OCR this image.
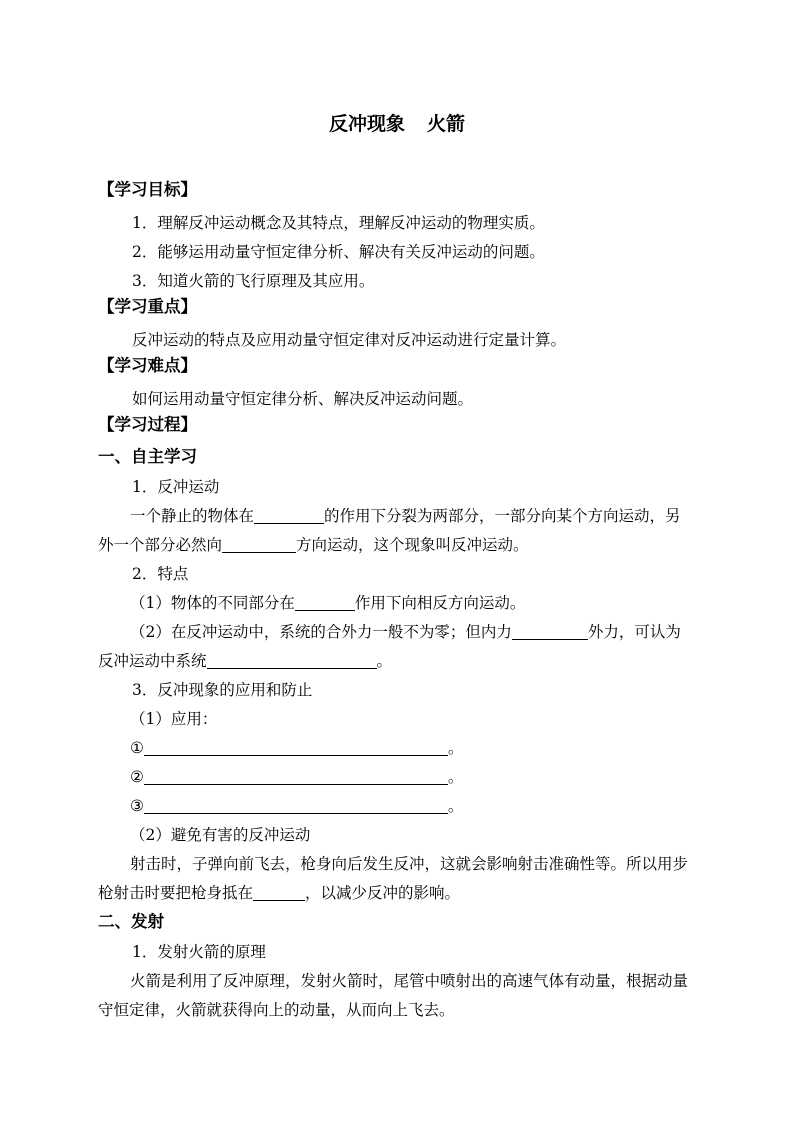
反冲现象 火箭
【学习目标】
1．理解反冲运动概念及其特点，理解反冲运动的物理实质。
2．能够运用动量守恒定律分析、解决有关反冲运动的问题。
3．知道火箭的飞行原理及其应用。
【学习重点】
反冲运动的特点及应用动量守恒定律对反冲运动进行定量计算。
【学习难点】
如何运用动量守恒定律分析、解决反冲运动问题。
【学习过程】
一、自主学习
1．反冲运动
一个静止的物体在	的作用下分裂为两部分，一部分向某个方向运动，另
外一个部分必然向	方向运动，这个现象叫反冲运动。
2．特点
（1）物体的不同部分在	作用下向相反方向运动。
（2）在反冲运动中，系统的合外力一般不为零；但内力	外力，可认为
反冲运动中系统	。
3．反冲现象的应用和防止
（1）应用：
①	。
②	。
③	。
（2）避免有害的反冲运动
射击时，子弹向前飞去，枪身向后发生反冲，这就会影响射击准确性等。所以用步
枪射击时要把枪身抵在	，以减少反冲的影响。
二、发射
1．发射火箭的原理
火箭是利用了反冲原理，发射火箭时，尾管中喷射出的高速气体有动量，根据动量
守恒定律，火箭就获得向上的动量，从而向上飞去。
